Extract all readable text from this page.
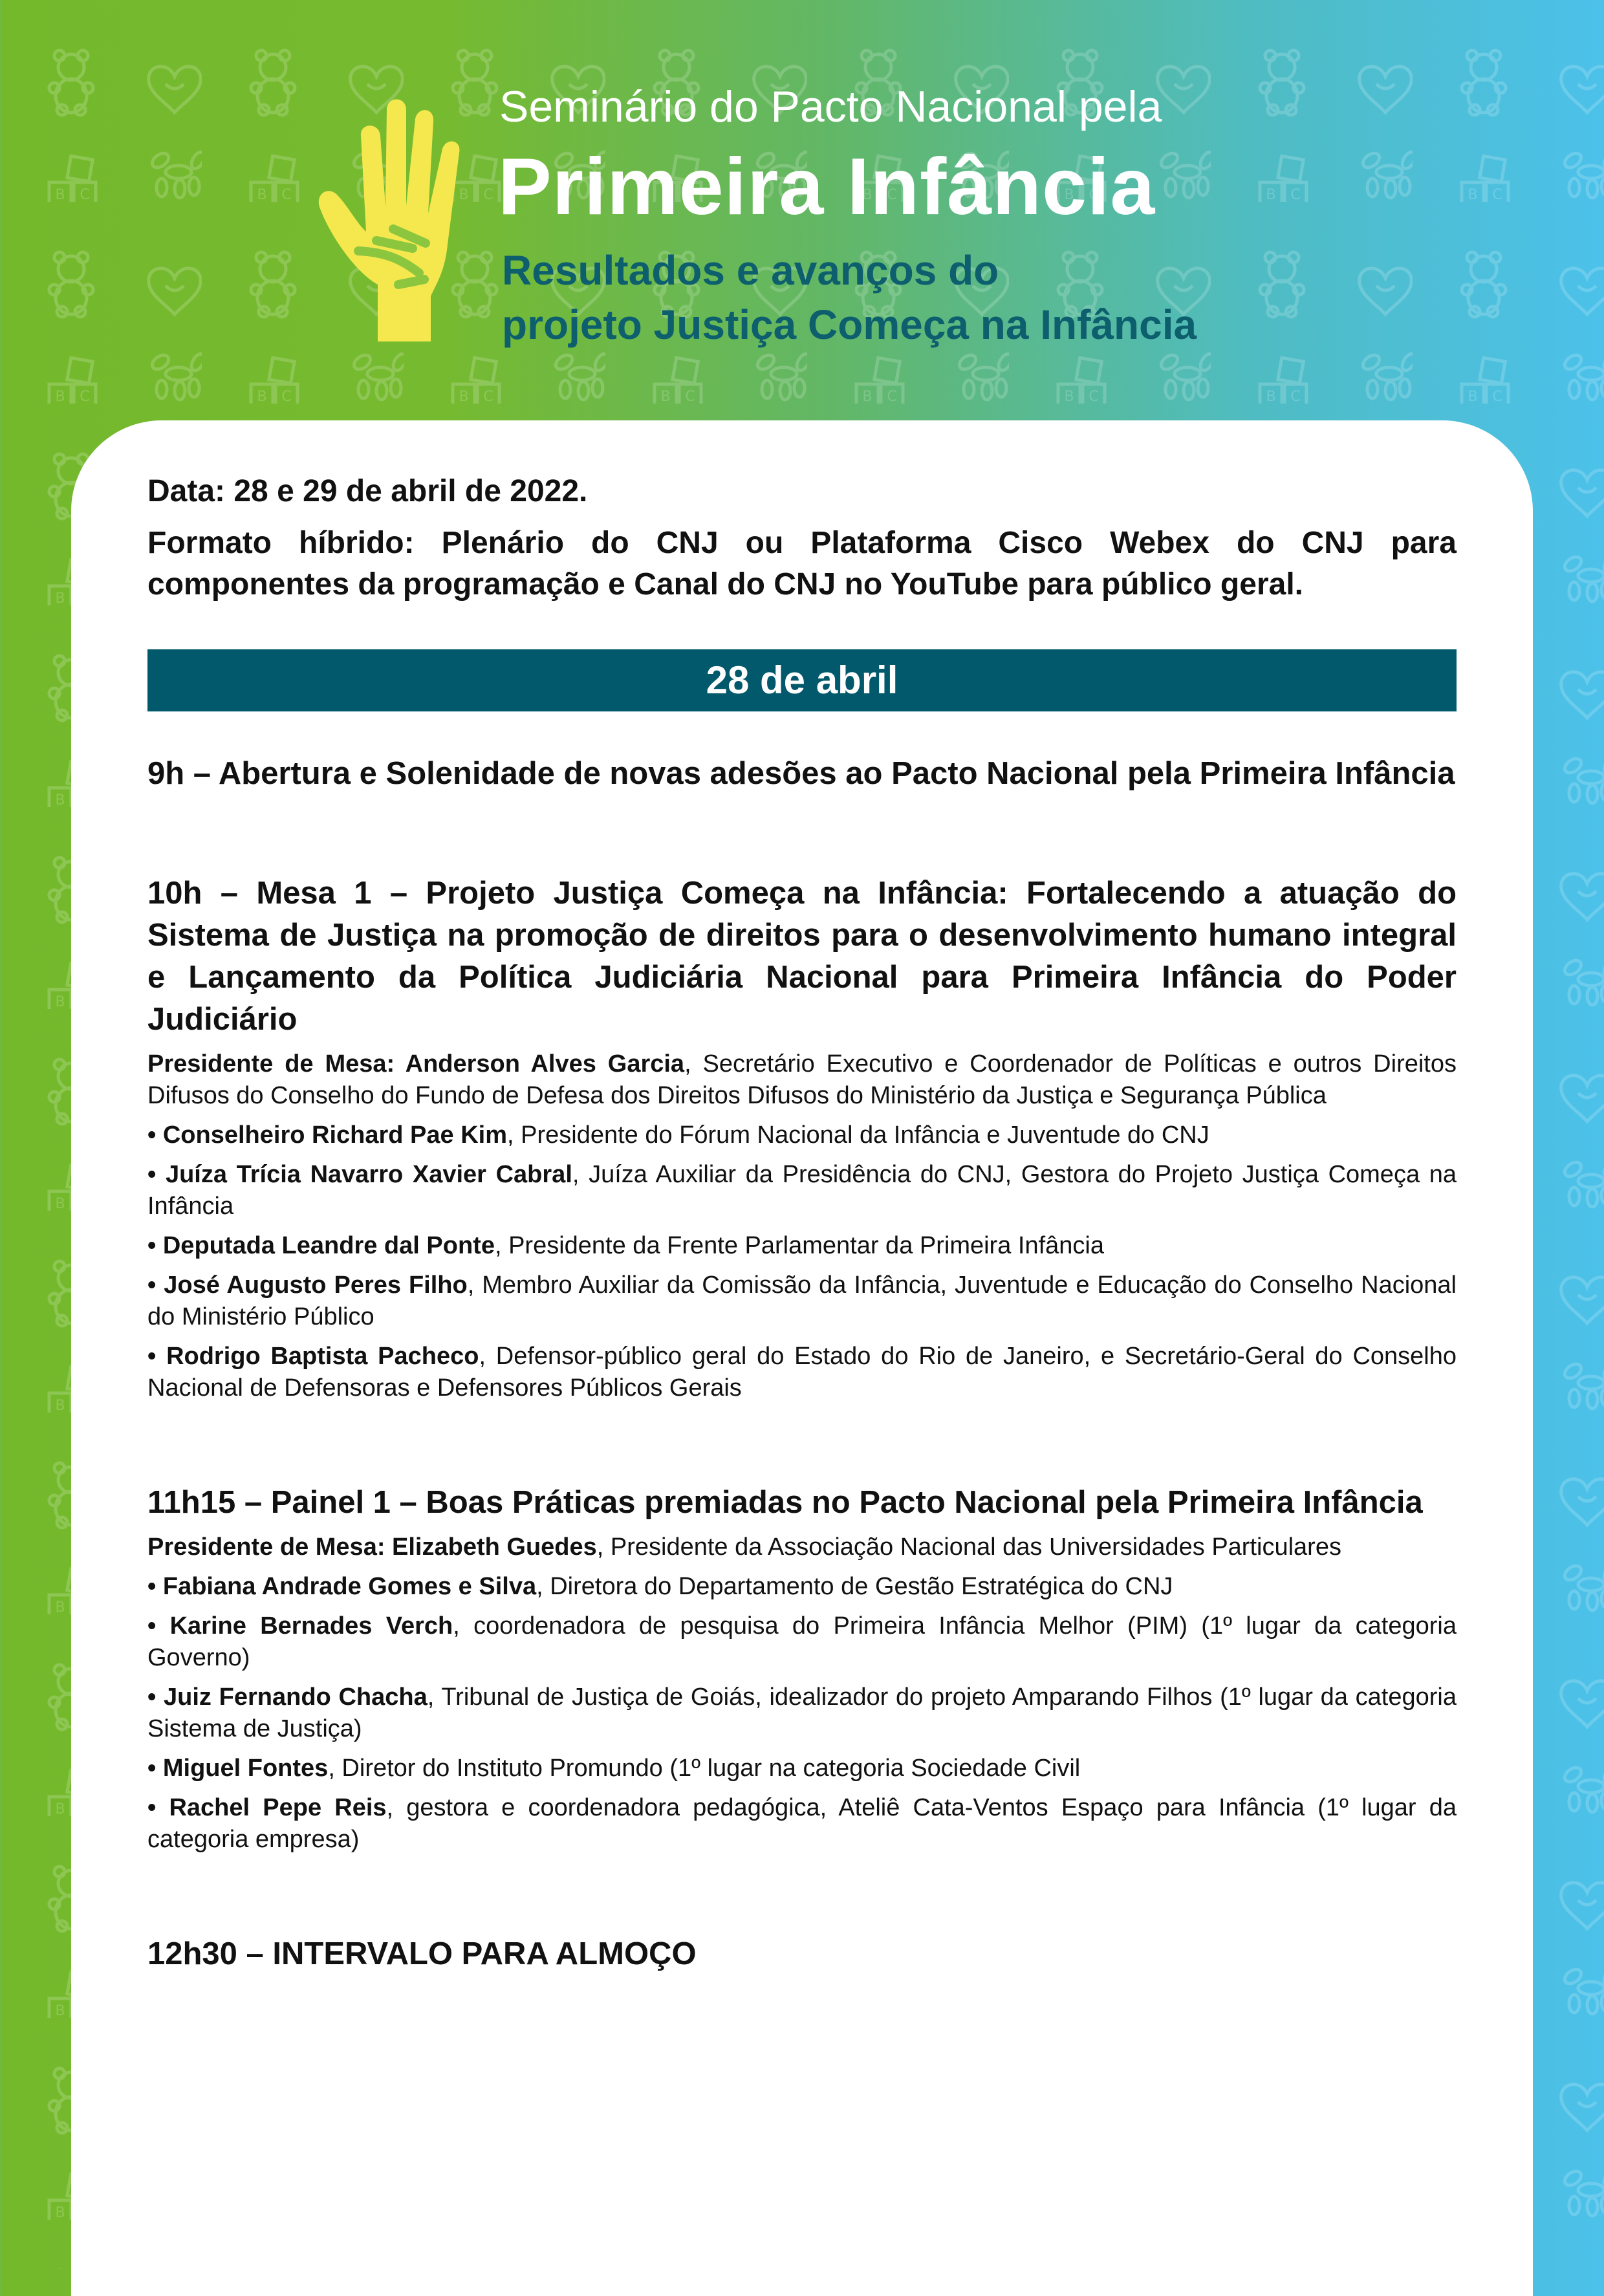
Seminário do Pacto Nacional pela
Primeira Infância
Resultados e avanços do
projeto Justiça Começa na Infância

Data: 28 e 29 de abril de 2022.

Formato híbrido: Plenário do CNJ ou Plataforma Cisco Webex do CNJ para componentes da programação e Canal do CNJ no YouTube para público geral.

28 de abril

9h – Abertura e Solenidade de novas adesões ao Pacto Nacional pela Primeira Infância

10h – Mesa 1 – Projeto Justiça Começa na Infância: Fortalecendo a atuação do Sistema de Justiça na promoção de direitos para o desenvolvimento humano integral e Lançamento da Política Judiciária Nacional para Primeira Infância do Poder Judiciário

Presidente de Mesa: Anderson Alves Garcia, Secretário Executivo e Coordenador de Políticas e outros Direitos Difusos do Conselho do Fundo de Defesa dos Direitos Difusos do Ministério da Justiça e Segurança Pública

• Conselheiro Richard Pae Kim, Presidente do Fórum Nacional da Infância e Juventude do CNJ

• Juíza Trícia Navarro Xavier Cabral, Juíza Auxiliar da Presidência do CNJ, Gestora do Projeto Justiça Começa na Infância

• Deputada Leandre dal Ponte, Presidente da Frente Parlamentar da Primeira Infância

• José Augusto Peres Filho, Membro Auxiliar da Comissão da Infância, Juventude e Educação do Conselho Nacional do Ministério Público

• Rodrigo Baptista Pacheco, Defensor-público geral do Estado do Rio de Janeiro, e Secretário-Geral do Conselho Nacional de Defensoras e Defensores Públicos Gerais

11h15 – Painel 1 – Boas Práticas premiadas no Pacto Nacional pela Primeira Infância

Presidente de Mesa: Elizabeth Guedes, Presidente da Associação Nacional das Universidades Particulares

• Fabiana Andrade Gomes e Silva, Diretora do Departamento de Gestão Estratégica do CNJ

• Karine Bernades Verch, coordenadora de pesquisa do Primeira Infância Melhor (PIM) (1º lugar da categoria Governo)

• Juiz Fernando Chacha, Tribunal de Justiça de Goiás, idealizador do projeto Amparando Filhos (1º lugar da categoria Sistema de Justiça)

• Miguel Fontes, Diretor do Instituto Promundo (1º lugar na categoria Sociedade Civil

• Rachel Pepe Reis, gestora e coordenadora pedagógica, Ateliê Cata-Ventos Espaço para Infância (1º lugar da categoria empresa)

12h30 – INTERVALO PARA ALMOÇO
